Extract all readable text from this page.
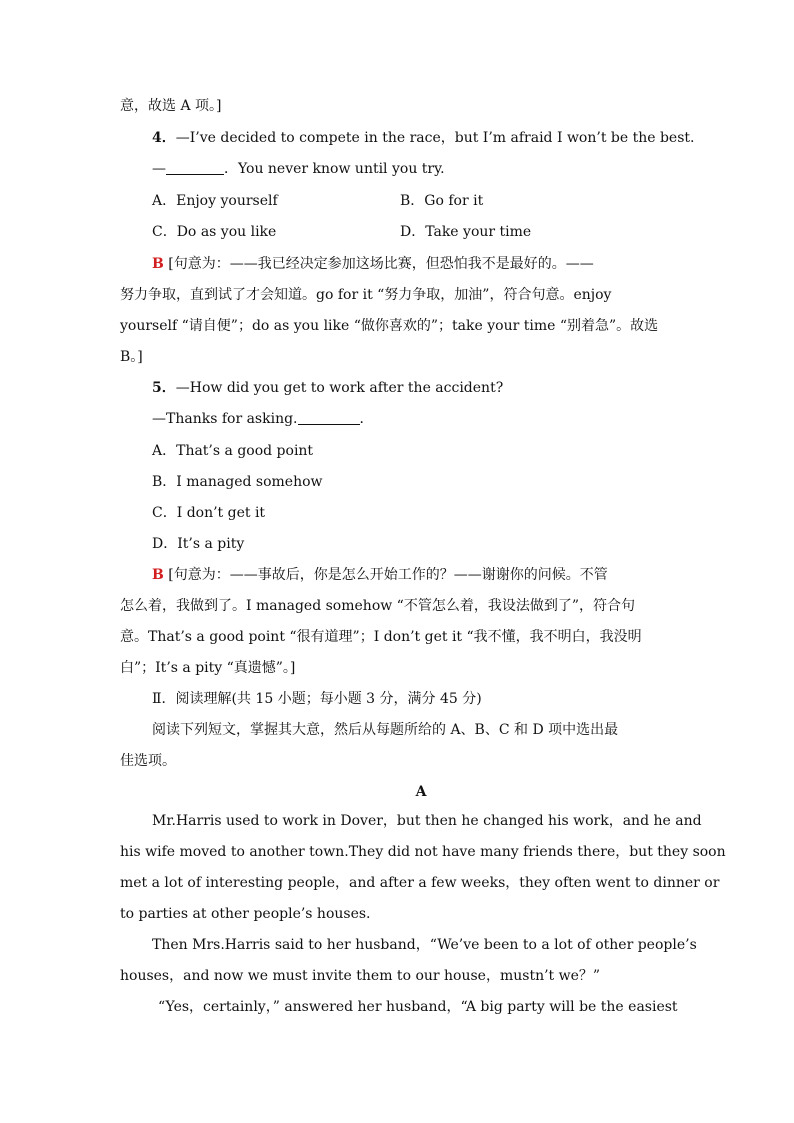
意，故选 A 项。]
4．—I’ve decided to compete in the race，but I’m afraid I won’t be the best.
—	．You never know until you try.
A．Enjoy yourself	B．Go for it
C．Do as you like	D．Take your time
B [句意为：——我已经决定参加这场比赛，但恐怕我不是最好的。——
努力争取，直到试了才会知道。go for it “努力争取，加油”，符合句意。enjoy
yourself “请自便”；do as you like “做你喜欢的”；take your time “别着急”。故选
B。]
5．—How did you get to work after the accident?
—Thanks for asking.	．
A．That’s a good point
B．I managed somehow
C．I don’t get it
D．It’s a pity
B [句意为：——事故后，你是怎么开始工作的？——谢谢你的问候。不管
怎么着，我做到了。I managed somehow “不管怎么着，我设法做到了”，符合句
意。That’s a good point “很有道理”；I don’t get it “我不懂，我不明白，我没明
白”；It’s a pity “真遗憾”。]
Ⅱ．阅读理解(共 15 小题；每小题 3 分，满分 45 分)
阅读下列短文，掌握其大意，然后从每题所给的 A、B、C 和 D 项中选出最
佳选项。
A
Mr.Harris used to work in Dover，but then he changed his work，and he and
his wife moved to another town.They did not have many friends there，but they soon
met a lot of interesting people，and after a few weeks，they often went to dinner or
to parties at other people’s houses.
Then Mrs.Harris said to her husband，“We’ve been to a lot of other people’s
houses，and now we must invite them to our house，mustn’t we？”
“Yes，certainly，” answered her husband，“A big party will be the easiest
